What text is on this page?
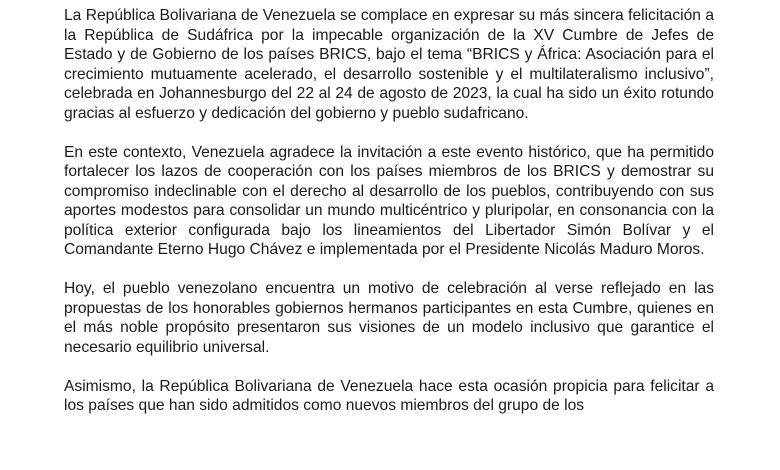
La República Bolivariana de Venezuela se complace en expresar su más sincera felicitación a la República de Sudáfrica por la impecable organización de la XV Cumbre de Jefes de Estado y de Gobierno de los países BRICS, bajo el tema “BRICS y África: Asociación para el crecimiento mutuamente acelerado, el desarrollo sostenible y el multilateralismo inclusivo”, celebrada en Johannesburgo del 22 al 24 de agosto de 2023, la cual ha sido un éxito rotundo gracias al esfuerzo y dedicación del gobierno y pueblo sudafricano.

En este contexto, Venezuela agradece la invitación a este evento histórico, que ha permitido fortalecer los lazos de cooperación con los países miembros de los BRICS y demostrar su compromiso indeclinable con el derecho al desarrollo de los pueblos, contribuyendo con sus aportes modestos para consolidar un mundo multicéntrico y pluripolar, en consonancia con la política exterior configurada bajo los lineamientos del Libertador Simón Bolívar y el Comandante Eterno Hugo Chávez e implementada por el Presidente Nicolás Maduro Moros.

Hoy, el pueblo venezolano encuentra un motivo de celebración al verse reflejado en las propuestas de los honorables gobiernos hermanos participantes en esta Cumbre, quienes en el más noble propósito presentaron sus visiones de un modelo inclusivo que garantice el necesario equilibrio universal.

Asimismo, la República Bolivariana de Venezuela hace esta ocasión propicia para felicitar a los países que han sido admitidos como nuevos miembros del grupo de los
